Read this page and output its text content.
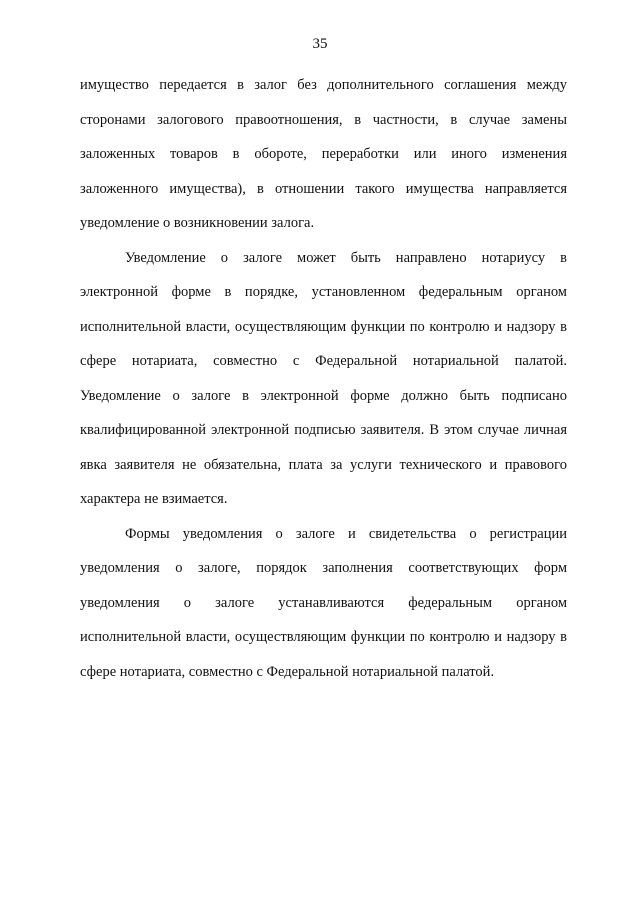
35

имущество передается в залог без дополнительного соглашения между сторонами залогового правоотношения, в частности, в случае замены заложенных товаров в обороте, переработки или иного изменения заложенного имущества), в отношении такого имущества направляется уведомление о возникновении залога.

Уведомление о залоге может быть направлено нотариусу в электронной форме в порядке, установленном федеральным органом исполнительной власти, осуществляющим функции по контролю и надзору в сфере нотариата, совместно с Федеральной нотариальной палатой. Уведомление о залоге в электронной форме должно быть подписано квалифицированной электронной подписью заявителя. В этом случае личная явка заявителя не обязательна, плата за услуги технического и правового характера не взимается.

Формы уведомления о залоге и свидетельства о регистрации уведомления о залоге, порядок заполнения соответствующих форм уведомления о залоге устанавливаются федеральным органом исполнительной власти, осуществляющим функции по контролю и надзору в сфере нотариата, совместно с Федеральной нотариальной палатой.
